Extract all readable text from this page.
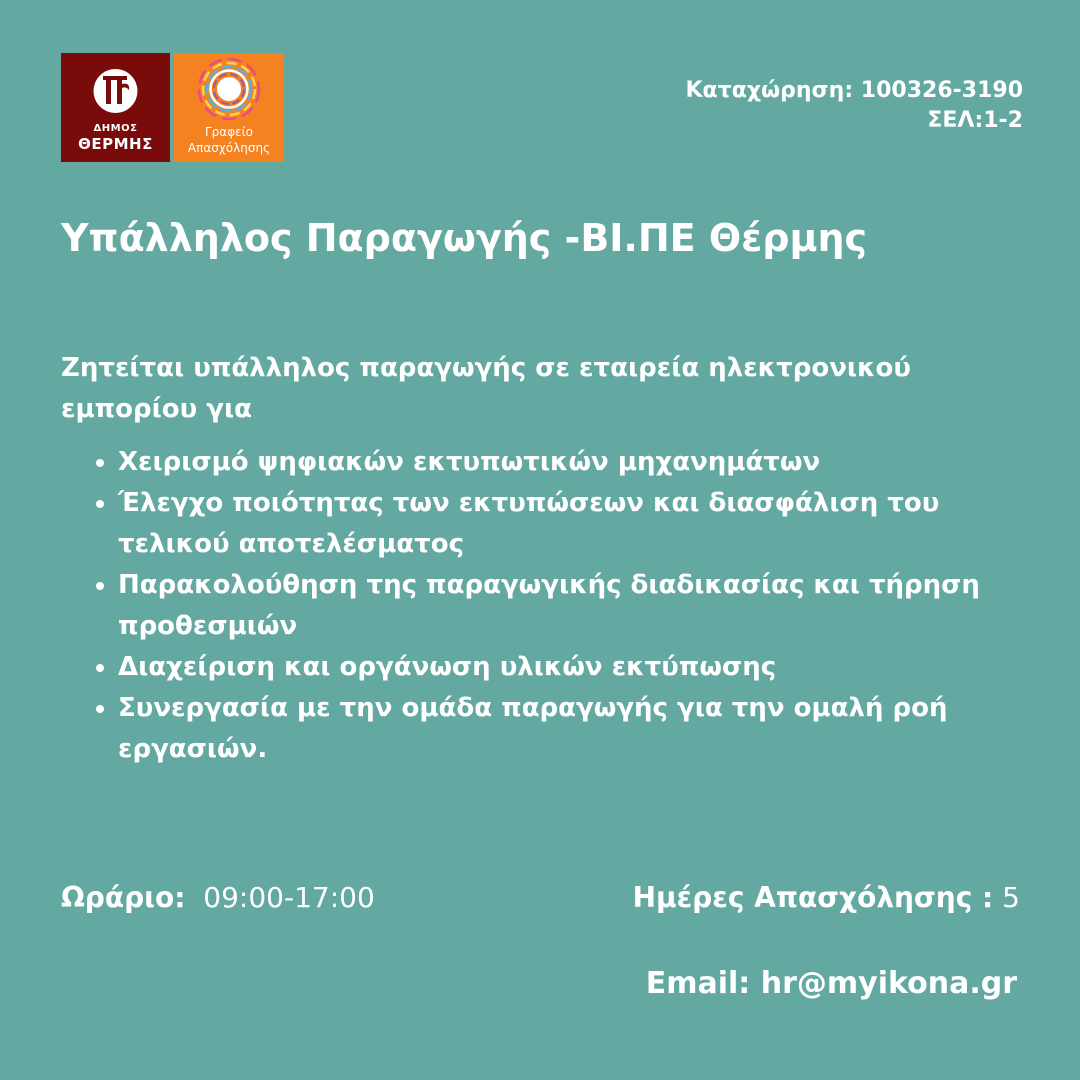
ΔΗΜΟΣ
ΘΕΡΜΗΣ
Γραφείο
Απασχόλησης
Καταχώρηση: 100326-3190
ΣΕΛ:1-2
Υπάλληλος Παραγωγής -ΒΙ.ΠΕ Θέρμης
Ζητείται υπάλληλος παραγωγής σε εταιρεία ηλεκτρονικού εμπορίου για
• Χειρισμό ψηφιακών εκτυπωτικών μηχανημάτων
• Έλεγχο ποιότητας των εκτυπώσεων και διασφάλιση του τελικού αποτελέσματος
• Παρακολούθηση της παραγωγικής διαδικασίας και τήρηση προθεσμιών
• Διαχείριση και οργάνωση υλικών εκτύπωσης
• Συνεργασία με την ομάδα παραγωγής για την ομαλή ροή εργασιών.
Ωράριο: 09:00-17:00	Ημέρες Απασχόλησης : 5
Email: hr@myikona.gr
